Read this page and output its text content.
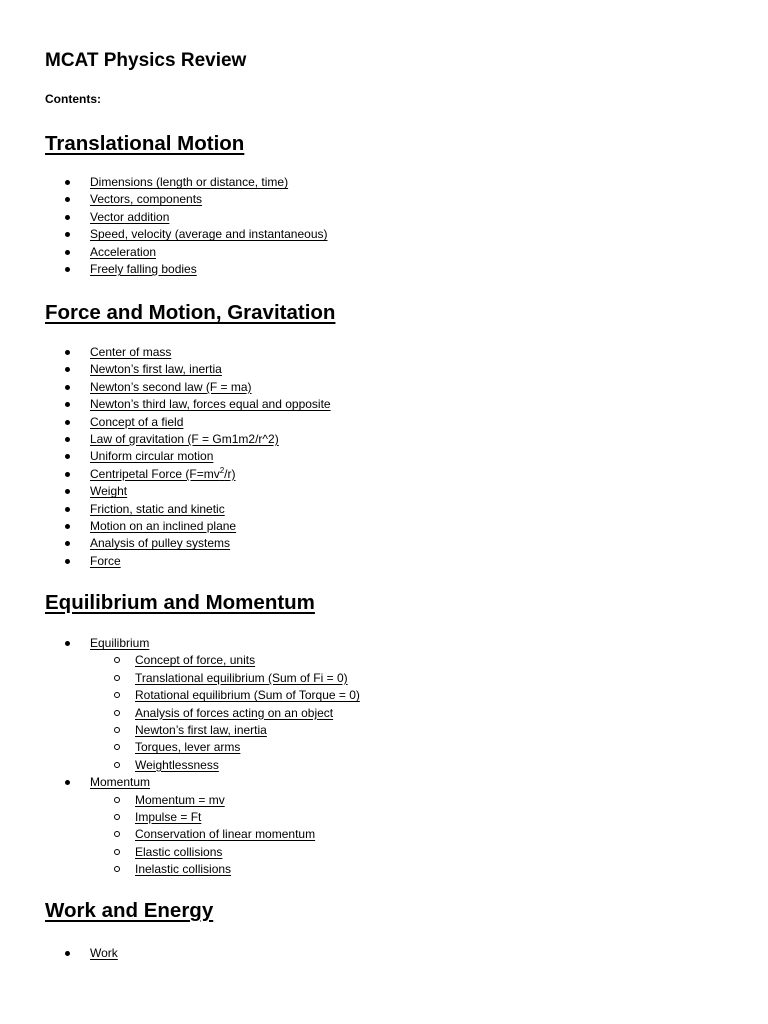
MCAT Physics Review
Contents:
Translational Motion
Dimensions (length or distance, time)
Vectors, components
Vector addition
Speed, velocity (average and instantaneous)
Acceleration
Freely falling bodies
Force and Motion, Gravitation
Center of mass
Newton’s first law, inertia
Newton’s second law (F = ma)
Newton’s third law, forces equal and opposite
Concept of a field
Law of gravitation (F = Gm1m2/r^2)
Uniform circular motion
Centripetal Force $(F=mv^2/r)$
Weight
Friction, static and kinetic
Motion on an inclined plane
Analysis of pulley systems
Force
Equilibrium and Momentum
Equilibrium
Concept of force, units
Translational equilibrium (Sum of Fi = 0)
Rotational equilibrium (Sum of Torque = 0)
Analysis of forces acting on an object
Newton’s first law, inertia
Torques, lever arms
Weightlessness
Momentum
Momentum = mv
Impulse = Ft
Conservation of linear momentum
Elastic collisions
Inelastic collisions
Work and Energy
Work
